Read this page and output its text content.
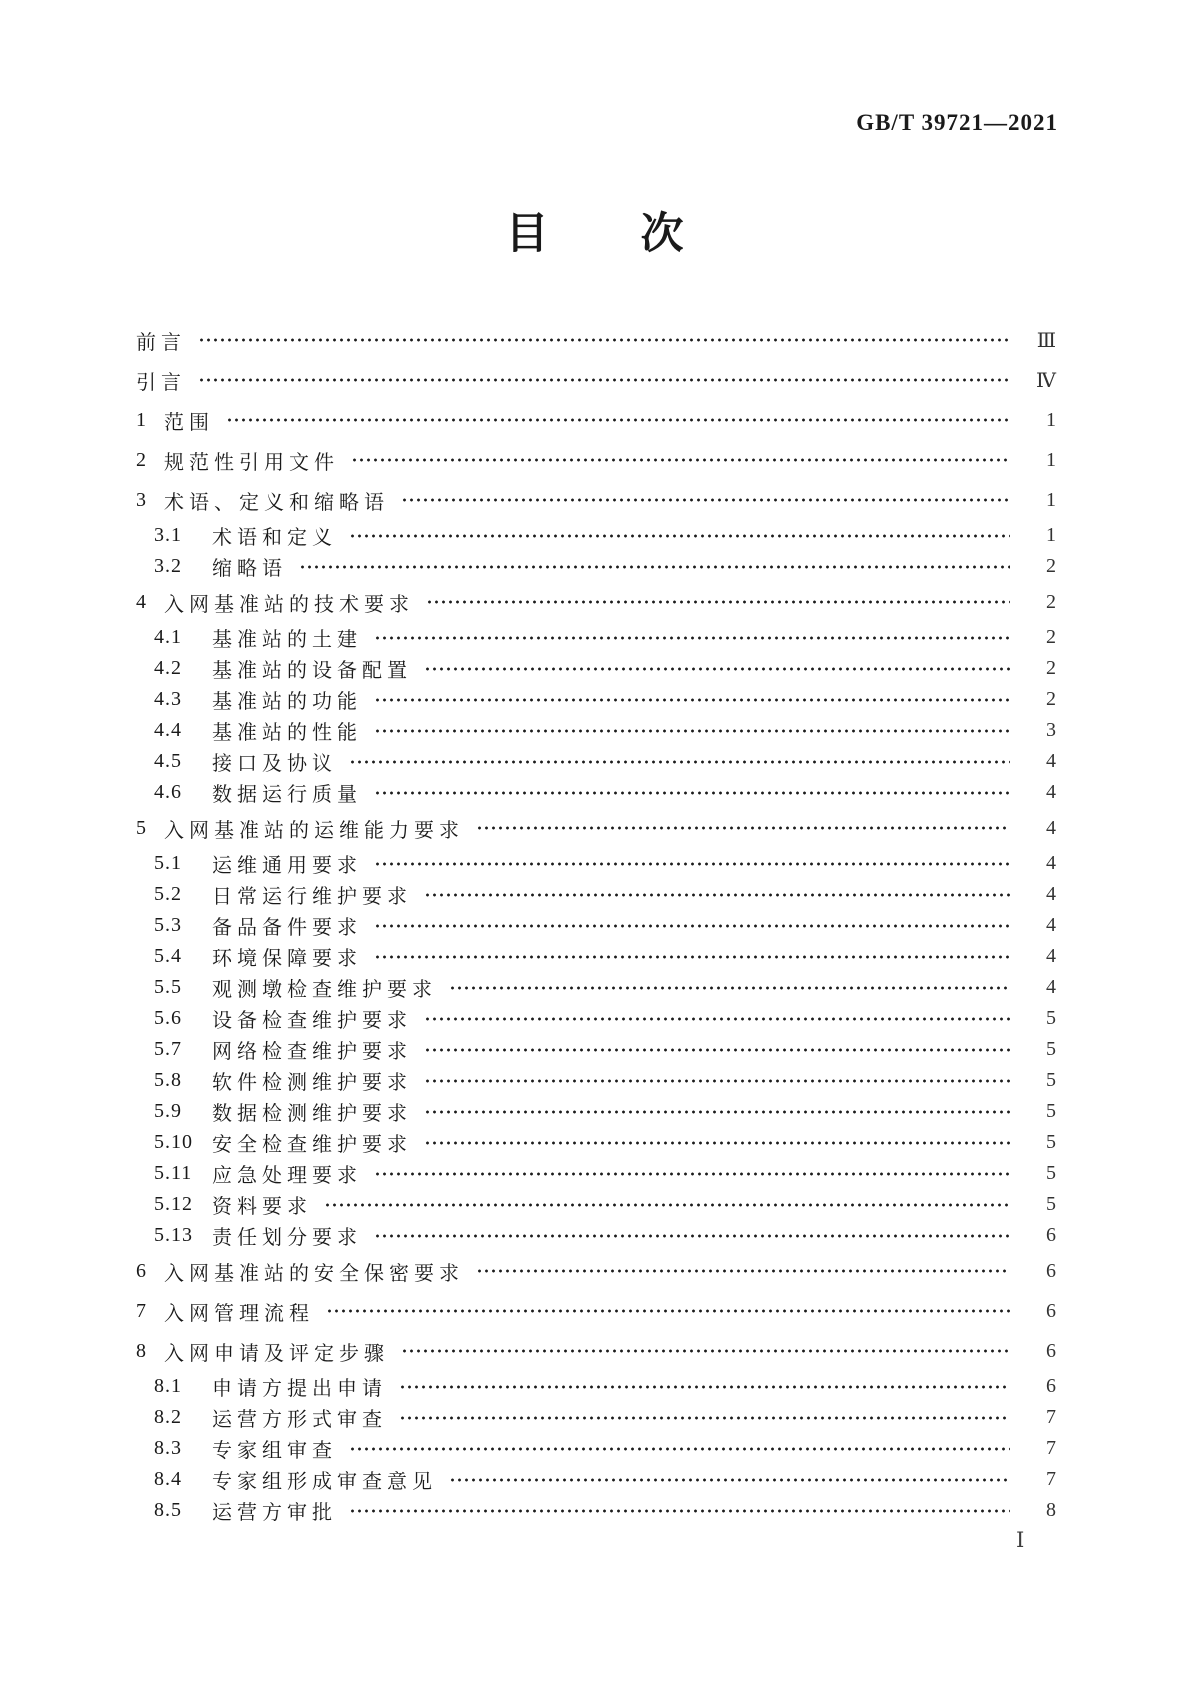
GB/T 39721—2021
目　　次
前言	Ⅲ
引言	Ⅳ
1 范围	1
2 规范性引用文件	1
3 术语、定义和缩略语	1
3.1	术语和定义	1
3.2	缩略语	2
4 入网基准站的技术要求	2
4.1	基准站的土建	2
4.2	基准站的设备配置	2
4.3	基准站的功能	2
4.4	基准站的性能	3
4.5	接口及协议	4
4.6	数据运行质量	4
5 入网基准站的运维能力要求	4
5.1	运维通用要求	4
5.2	日常运行维护要求	4
5.3	备品备件要求	4
5.4	环境保障要求	4
5.5	观测墩检查维护要求	4
5.6	设备检查维护要求	5
5.7	网络检查维护要求	5
5.8	软件检测维护要求	5
5.9	数据检测维护要求	5
5.10 安全检查维护要求	5
5.11 应急处理要求	5
5.12 资料要求	5
5.13 责任划分要求	6
6 入网基准站的安全保密要求	6
7 入网管理流程	6
8 入网申请及评定步骤	6
8.1	申请方提出申请	6
8.2	运营方形式审查	7
8.3	专家组审查	7
8.4	专家组形成审查意见	7
8.5	运营方审批	8
Ⅰ
